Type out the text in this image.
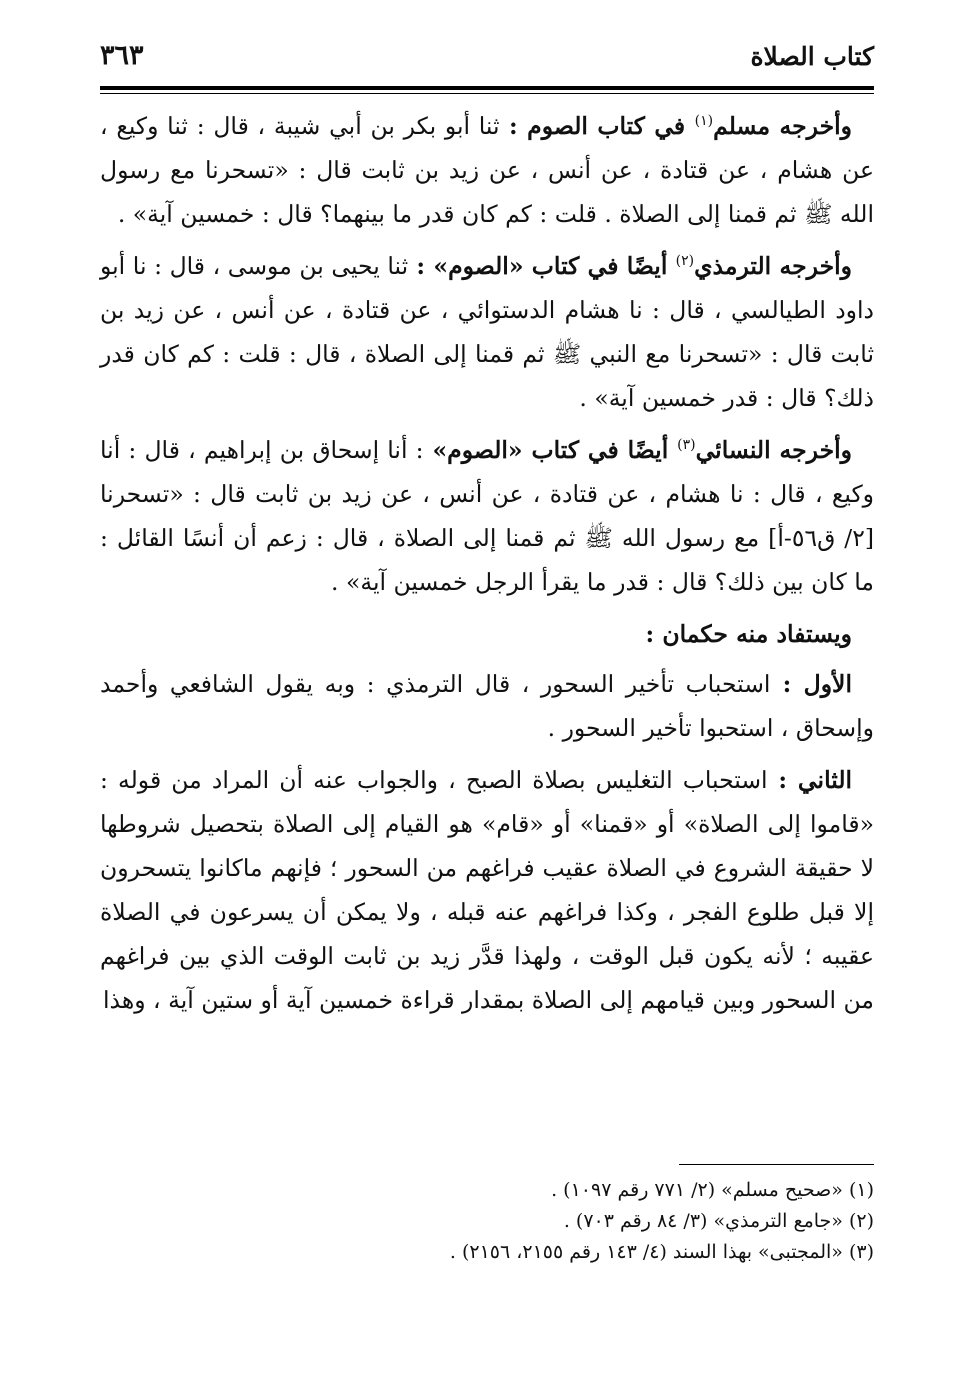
كتاب الصلاة
٣٦٣

وأخرجه مسلم$^{(١)}$ في كتاب الصوم : ثنا أبو بكر بن أبي شيبة ، قال : ثنا وكيع ، عن هشام ، عن قتادة ، عن أنس ، عن زيد بن ثابت قال : «تسحرنا مع رسول الله ﷺ ثم قمنا إلى الصلاة . قلت : كم كان قدر ما بينهما؟ قال : خمسين آية» .

وأخرجه الترمذي$^{(٢)}$ أيضًا في كتاب «الصوم» : ثنا يحيى بن موسى ، قال : نا أبو داود الطيالسي ، قال : نا هشام الدستوائي ، عن قتادة ، عن أنس ، عن زيد بن ثابت قال : «تسحرنا مع النبي ﷺ ثم قمنا إلى الصلاة ، قال : قلت : كم كان قدر ذلك؟ قال : قدر خمسين آية» .

وأخرجه النسائي$^{(٣)}$ أيضًا في كتاب «الصوم» : أنا إسحاق بن إبراهيم ، قال : أنا وكيع ، قال : نا هشام ، عن قتادة ، عن أنس ، عن زيد بن ثابت قال : «تسحرنا [٢/ ق٥٦-أ] مع رسول الله ﷺ ثم قمنا إلى الصلاة ، قال : زعم أن أنسًا القائل : ما كان بين ذلك؟ قال : قدر ما يقرأ الرجل خمسين آية» .

ويستفاد منه حكمان :

الأول : استحباب تأخير السحور ، قال الترمذي : وبه يقول الشافعي وأحمد وإسحاق ، استحبوا تأخير السحور .

الثاني : استحباب التغليس بصلاة الصبح ، والجواب عنه أن المراد من قوله : «قاموا إلى الصلاة» أو «قمنا» أو «قام» هو القيام إلى الصلاة بتحصيل شروطها لا حقيقة الشروع في الصلاة عقيب فراغهم من السحور ؛ فإنهم ماكانوا يتسحرون إلا قبل طلوع الفجر ، وكذا فراغهم عنه قبله ، ولا يمكن أن يسرعون في الصلاة عقيبه ؛ لأنه يكون قبل الوقت ، ولهذا قدَّر زيد بن ثابت الوقت الذي بين فراغهم من السحور وبين قيامهم إلى الصلاة بمقدار قراءة خمسين آية أو ستين آية ، وهذا

(١) «صحيح مسلم» (٢/ ٧٧١ رقم ١٠٩٧) .

(٢) «جامع الترمذي» (٣/ ٨٤ رقم ٧٠٣) .

(٣) «المجتبى» بهذا السند (٤/ ١٤٣ رقم ٢١٥٥، ٢١٥٦) .
